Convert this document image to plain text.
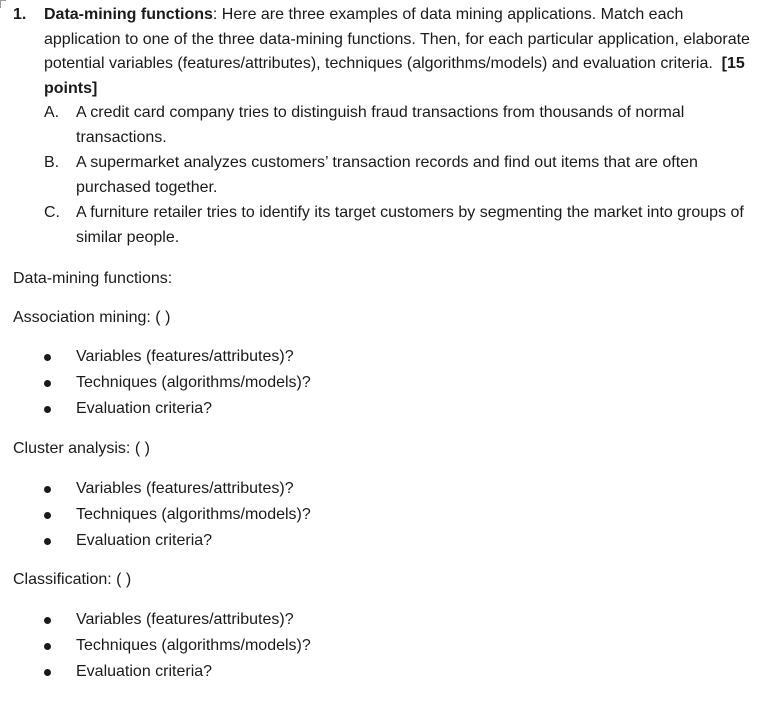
1. Data-mining functions: Here are three examples of data mining applications. Match each application to one of the three data-mining functions. Then, for each particular application, elaborate potential variables (features/attributes), techniques (algorithms/models) and evaluation criteria. [15 points]
A. A credit card company tries to distinguish fraud transactions from thousands of normal transactions.
B. A supermarket analyzes customers’ transaction records and find out items that are often purchased together.
C. A furniture retailer tries to identify its target customers by segmenting the market into groups of similar people.
Data-mining functions:
Association mining: ( )
Variables (features/attributes)?
Techniques (algorithms/models)?
Evaluation criteria?
Cluster analysis: ( )
Variables (features/attributes)?
Techniques (algorithms/models)?
Evaluation criteria?
Classification: ( )
Variables (features/attributes)?
Techniques (algorithms/models)?
Evaluation criteria?
